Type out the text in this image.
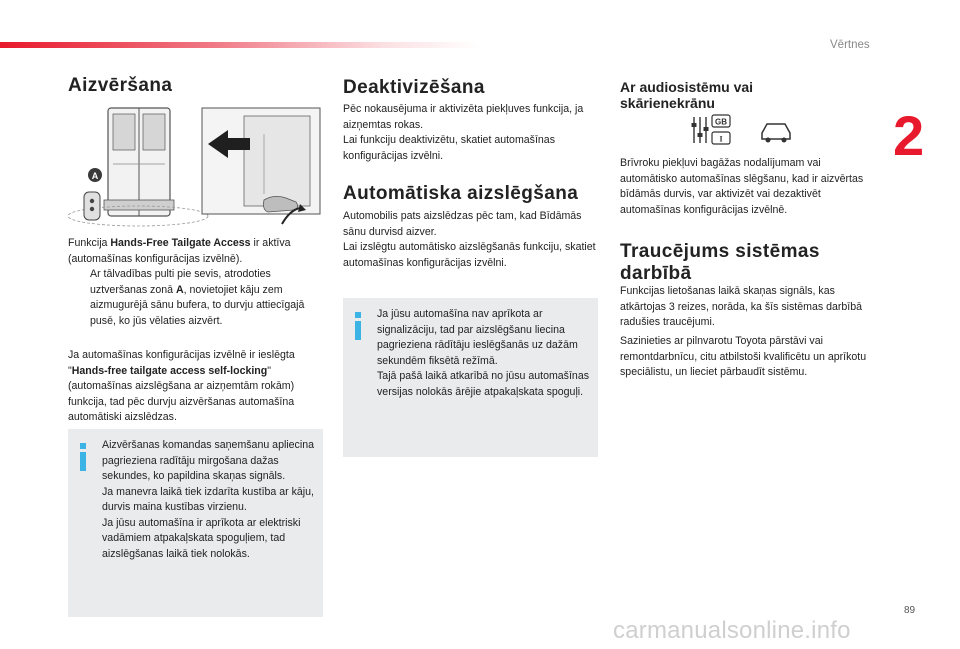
Vērtnes
2
Aizvēršana
A

Funkcija Hands-Free Tailgate Access ir aktīva (automašīnas konfigurācijas izvēlnē).

Ar tālvadības pulti pie sevis, atrodoties uztveršanas zonā A, novietojiet kāju zem aizmugurējā sānu bufera, to durvju attiecīgajā pusē, ko jūs vēlaties aizvērt.

Ja automašīnas konfigurācijas izvēlnē ir ieslēgta "Hands-free tailgate access self-locking" (automašīnas aizslēgšana ar aizņemtām rokām) funkcija, tad pēc durvju aizvēršanas automašīna automātiski aizslēdzas.

Aizvēršanas komandas saņemšanu apliecina pagrieziena radītāju mirgošana dažas sekundes, ko papildina skaņas signāls.
Ja manevra laikā tiek izdarīta kustība ar kāju, durvis maina kustības virzienu.
Ja jūsu automašīna ir aprīkota ar elektriski vadāmiem atpakaļskata spoguļiem, tad aizslēgšanas laikā tiek nolokās.
Deaktivizēšana

Pēc nokausējuma ir aktivizēta piekļuves funkcija, ja aizņemtas rokas.
Lai funkciju deaktivizētu, skatiet automašīnas konfigurācijas izvēlni.

Automātiska aizslēgšana

Automobilis pats aizslēdzas pēc tam, kad Bīdāmās sānu durvisd aizver.
Lai izslēgtu automātisko aizslēgšanās funkciju, skatiet automašīnas konfigurācijas izvēlni.

Ja jūsu automašīna nav aprīkota ar signalizāciju, tad par aizslēgšanu liecina pagrieziena rādītāju ieslēgšanās uz dažām sekundēm fiksētā režīmā.
Tajā pašā laikā atkarībā no jūsu automašīnas versijas nolokās ārējie atpakaļskata spoguļi.
Ar audiosistēmu vai skārienekrānu
GB
I

Brīvroku piekļuvi bagāžas nodalījumam vai automātisko automašīnas slēgšanu, kad ir aizvērtas bīdāmās durvis, var aktivizēt vai dezaktivēt automašīnas konfigurācijas izvēlnē.

Traucējums sistēmas darbībā

Funkcijas lietošanas laikā skaņas signāls, kas atkārtojas 3 reizes, norāda, ka šīs sistēmas darbībā radušies traucējumi.

Sazinieties ar pilnvarotu Toyota pārstāvi vai remontdarbnīcu, citu atbilstoši kvalificētu un aprīkotu speciālistu, un lieciet pārbaudīt sistēmu.

89
carmanualsonline.info
